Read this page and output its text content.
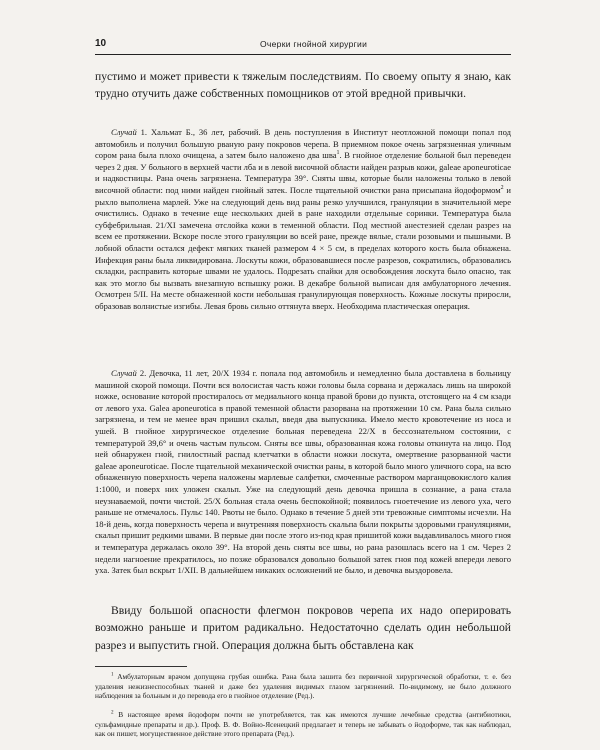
10	Очерки гнойной хирургии

пустимо и может привести к тяжелым последствиям. По своему опыту я знаю, как трудно отучить даже собственных помощников от этой вредной привычки.

Случай 1. Хальмат Б., 36 лет, рабочий. В день поступления в Институт неотложной помощи попал под автомобиль и получил большую рваную рану покровов черепа. В приемном покое очень загрязненная уличным сором рана была плохо очищена, а затем было наложено два шва$^1$. В гнойное отделение больной был переведен через 2 дня. У больного в верхней части лба и в левой височной области найден разрыв кожи, galeae aponeuroticae и надкостницы. Рана очень загрязнена. Температура 39°. Сняты швы, которые были наложены только в левой височной области: под ними найден гнойный затек. После тщательной очистки рана присыпана йодоформом$^2$ и рыхло выполнена марлей. Уже на следующий день вид раны резко улучшился, грануляции в значительной мере очистились. Однако в течение еще нескольких дней в ране находили отдельные соринки. Температура была субфебрильная. 21/XI замечена отслойка кожи в теменной области. Под местной анестезией сделан разрез на всем ее протяжении. Вскоре после этого грануляции во всей ране, прежде вялые, стали розовыми и пышными. В лобной области остался дефект мягких тканей размером 4 × 5 см, в пределах которого кость была обнажена. Инфекция раны была ликвидирована. Лоскуты кожи, образовавшиеся после разрезов, сократились, образовались складки, расправить которые швами не удалось. Подрезать спайки для освобождения лоскута было опасно, так как это могло бы вызвать внезапную вспышку рожи. В декабре больной выписан для амбулаторного лечения. Осмотрен 5/II. На месте обнаженной кости небольшая гранулирующая поверхность. Кожные лоскуты приросли, образовав волнистые изгибы. Левая бровь сильно оттянута вверх. Необходима пластическая операция.

Случай 2. Девочка, 11 лет, 20/X 1934 г. попала под автомобиль и немедленно была доставлена в больницу машиной скорой помощи. Почти вся волосистая часть кожи головы была сорвана и держалась лишь на широкой ножке, основание которой простиралось от медиального конца правой брови до пункта, отстоящего на 4 см кзади от левого уха. Galea aponeurotica в правой теменной области разорвана на протяжении 10 см. Рана была сильно загрязнена, и тем не менее врач пришил скальп, введя два выпускника. Имело место кровотечение из носа и ушей. В гнойное хирургическое отделение больная переведена 22/X в бессознательном состоянии, с температурой 39,6° и очень частым пульсом. Сняты все швы, образованная кожа головы откинута на лицо. Под ней обнаружен гной, гнилостный распад клетчатки в области ножки лоскута, омертвение разорванной части galeae aponeuroticae. После тщательной механической очистки раны, в которой было много уличного сора, на всю обнаженную поверхность черепа наложены марлевые салфетки, смоченные раствором марганцовокислого калия 1:1000, и поверх них уложен скальп. Уже на следующий день девочка пришла в сознание, а рана стала неузнаваемой, почти чистой. 25/X больная стала очень беспокойной; появилось гноетечение из левого уха, чего раньше не отмечалось. Пульс 140. Рвоты не было. Однако в течение 5 дней эти тревожные симптомы исчезли. На 18-й день, когда поверхность черепа и внутренняя поверхность скальпа были покрыты здоровыми грануляциями, скальп пришит редкими швами. В первые дни после этого из-под края пришитой кожи выдавливалось много гноя и температура держалась около 39°. На второй день сняты все швы, но рана разошлась всего на 1 см. Через 2 недели нагноение прекратилось, но позже образовался довольно большой затек гноя под кожей впереди левого уха. Затек был вскрыт 1/XII. В дальнейшем никаких осложнений не было, и девочка выздоровела.

Ввиду большой опасности флегмон покровов черепа их надо оперировать возможно раньше и притом радикально. Недостаточно сделать один небольшой разрез и выпустить гной. Операция должна быть обставлена как

$^1$ Амбулаторным врачом допущена грубая ошибка. Рана была зашита без первичной хирургической обработки, т. е. без удаления нежизнеспособных тканей и даже без удаления видимых глазом загрязнений. По-видимому, не было должного наблюдения за больным и до перевода его в гнойное отделение (Ред.).

$^2$ В настоящее время йодоформ почти не употребляется, так как имеются лучшие лечебные средства (антибиотики, сульфамидные препараты и др.). Проф. В. Ф. Войно-Ясенецкий предлагает и теперь не забывать о йодоформе, так как наблюдал, как он пишет, могущественное действие этого препарата (Ред.).
